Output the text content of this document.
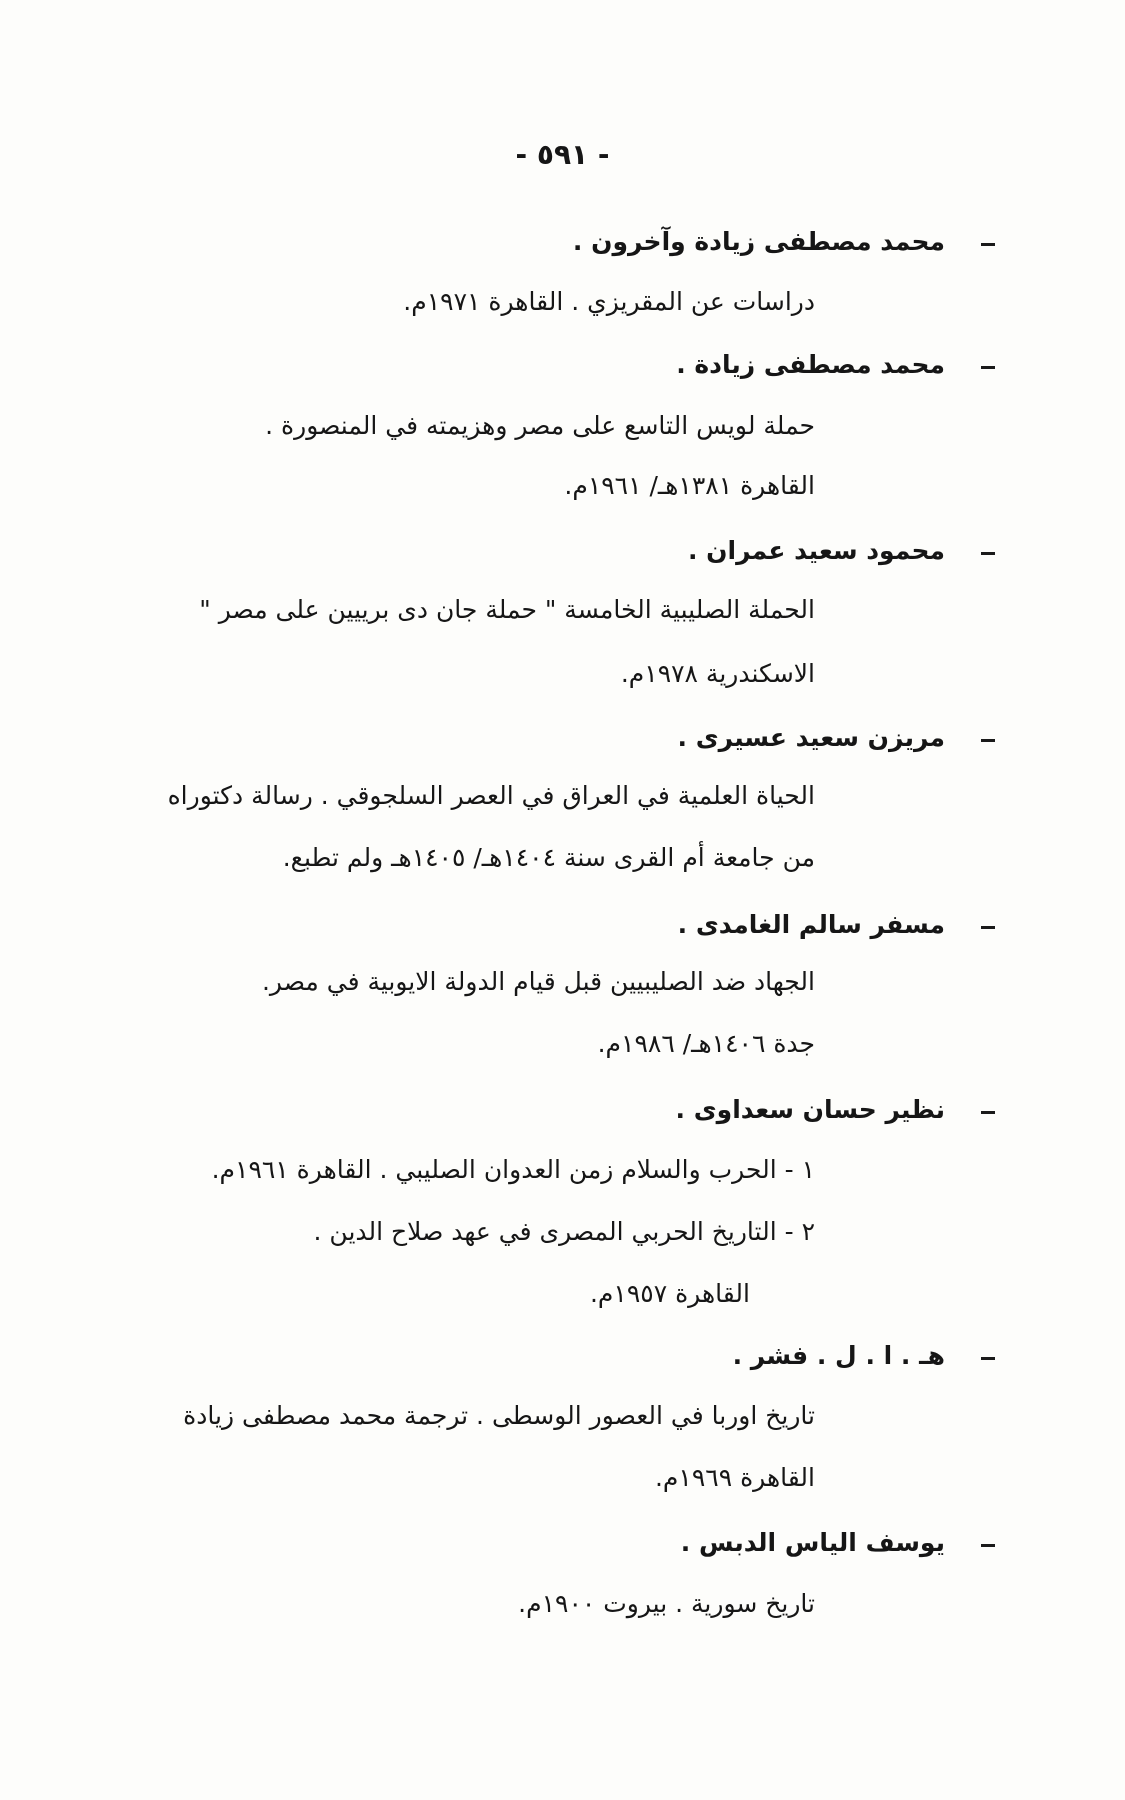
- ٥٩١ -
محمد مصطفى زيادة وآخرون .
دراسات عن المقريزي . القاهرة ١٩٧١م.
محمد مصطفى زيادة .
حملة لويس التاسع على مصر وهزيمته في المنصورة .
القاهرة ١٣٨١هـ/ ١٩٦١م.
محمود سعيد عمران .
الحملة الصليبية الخامسة " حملة جان دى برييين على مصر "
الاسكندرية ١٩٧٨م.
مريزن سعيد عسيرى .
الحياة العلمية في العراق في العصر السلجوقي . رسالة دكتوراه
من جامعة أم القرى سنة ١٤٠٤هـ/ ١٤٠٥هـ ولم تطبع.
مسفر سالم الغامدى .
الجهاد ضد الصليبيين قبل قيام الدولة الايوبية في مصر.
جدة ١٤٠٦هـ/ ١٩٨٦م.
نظير حسان سعداوى .
١ - الحرب والسلام زمن العدوان الصليبي . القاهرة ١٩٦١م.
٢ - التاريخ الحربي المصرى في عهد صلاح الدين .
القاهرة ١٩٥٧م.
هـ . ا . ل . فشر .
تاريخ اوربا في العصور الوسطى . ترجمة محمد مصطفى زيادة
القاهرة ١٩٦٩م.
يوسف الياس الدبس .
تاريخ سورية . بيروت ١٩٠٠م.
